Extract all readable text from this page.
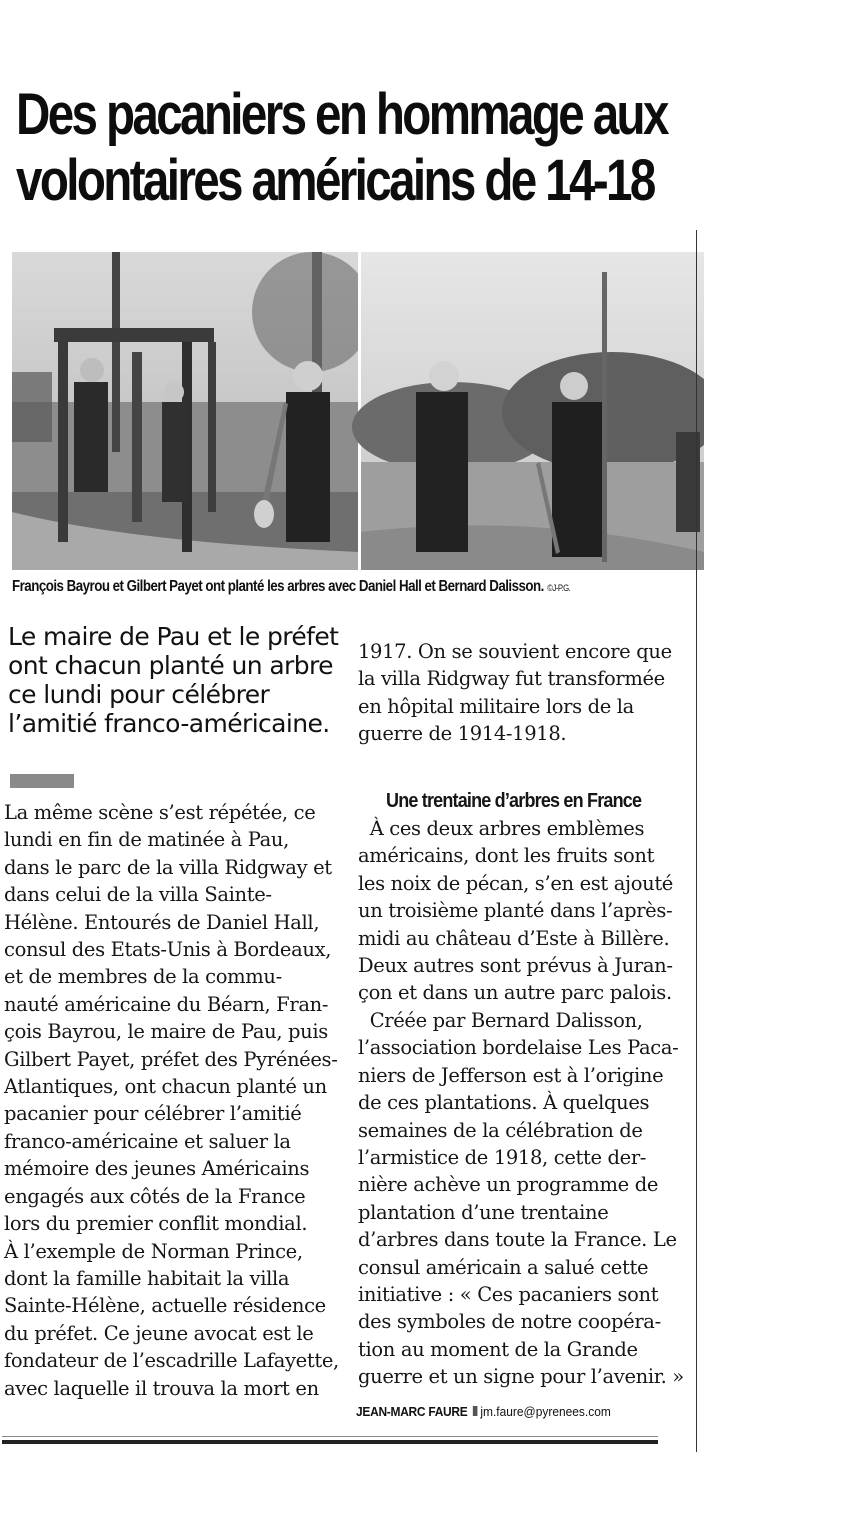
Des pacaniers en hommage aux
volontaires américains de 14-18
François Bayrou et Gilbert Payet ont planté les arbres avec Daniel Hall et Bernard Dalisson. ©J-P.G.
Le maire de Pau et le préfet
ont chacun planté un arbre
ce lundi pour célébrer
l’amitié franco-américaine.
La même scène s’est répétée, ce
lundi en fin de matinée à Pau,
dans le parc de la villa Ridgway et
dans celui de la villa Sainte-
Hélène. Entourés de Daniel Hall,
consul des Etats-Unis à Bordeaux,
et de membres de la commu-
nauté américaine du Béarn, Fran-
çois Bayrou, le maire de Pau, puis
Gilbert Payet, préfet des Pyrénées-
Atlantiques, ont chacun planté un
pacanier pour célébrer l’amitié
franco-américaine et saluer la
mémoire des jeunes Américains
engagés aux côtés de la France
lors du premier conflit mondial.
À l’exemple de Norman Prince,
dont la famille habitait la villa
Sainte-Hélène, actuelle résidence
du préfet. Ce jeune avocat est le
fondateur de l’escadrille Lafayette,
avec laquelle il trouva la mort en
1917. On se souvient encore que
la villa Ridgway fut transformée
en hôpital militaire lors de la
guerre de 1914-1918.
Une trentaine d’arbres en France
À ces deux arbres emblèmes
américains, dont les fruits sont
les noix de pécan, s’en est ajouté
un troisième planté dans l’après-
midi au château d’Este à Billère.
Deux autres sont prévus à Juran-
çon et dans un autre parc palois.
Créée par Bernard Dalisson,
l’association bordelaise Les Paca-
niers de Jefferson est à l’origine
de ces plantations. À quelques
semaines de la célébration de
l’armistice de 1918, cette der-
nière achève un programme de
plantation d’une trentaine
d’arbres dans toute la France. Le
consul américain a salué cette
initiative : « Ces pacaniers sont
des symboles de notre coopéra-
tion au moment de la Grande
guerre et un signe pour l’avenir. »
JEAN-MARC FAURE jm.faure@pyrenees.com
